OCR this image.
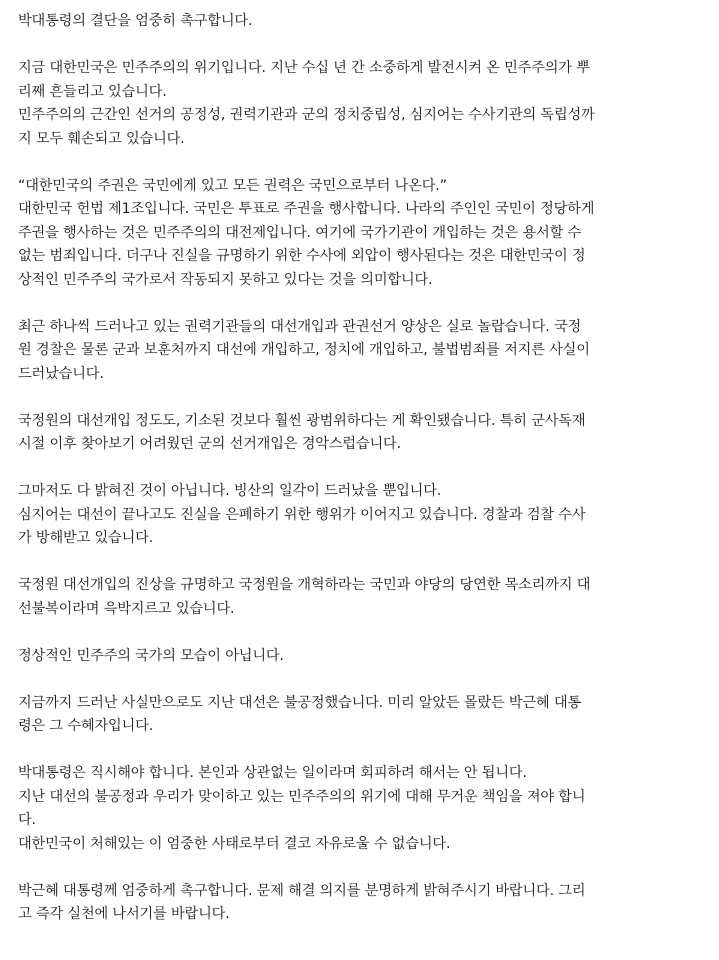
박대통령의 결단을 엄중히 촉구합니다.
지금 대한민국은 민주주의의 위기입니다. 지난 수십 년 간 소중하게 발전시켜 온 민주주의가 뿌
리째 흔들리고 있습니다.
민주주의의 근간인 선거의 공정성, 권력기관과 군의 정치중립성, 심지어는 수사기관의 독립성까
지 모두 훼손되고 있습니다.
“대한민국의 주권은 국민에게 있고 모든 권력은 국민으로부터 나온다.”
대한민국 헌법 제1조입니다. 국민은 투표로 주권을 행사합니다. 나라의 주인인 국민이 정당하게
주권을 행사하는 것은 민주주의의 대전제입니다. 여기에 국가기관이 개입하는 것은 용서할 수
없는 범죄입니다. 더구나 진실을 규명하기 위한 수사에 외압이 행사된다는 것은 대한민국이 정
상적인 민주주의 국가로서 작동되지 못하고 있다는 것을 의미합니다.
최근 하나씩 드러나고 있는 권력기관들의 대선개입과 관권선거 양상은 실로 놀랍습니다. 국정
원 경찰은 물론 군과 보훈처까지 대선에 개입하고, 정치에 개입하고, 불법범죄를 저지른 사실이
드러났습니다.
국정원의 대선개입 정도도, 기소된 것보다 훨씬 광범위하다는 게 확인됐습니다. 특히 군사독재
시절 이후 찾아보기 어려웠던 군의 선거개입은 경악스럽습니다.
그마저도 다 밝혀진 것이 아닙니다. 빙산의 일각이 드러났을 뿐입니다.
심지어는 대선이 끝나고도 진실을 은폐하기 위한 행위가 이어지고 있습니다. 경찰과 검찰 수사
가 방해받고 있습니다.
국정원 대선개입의 진상을 규명하고 국정원을 개혁하라는 국민과 야당의 당연한 목소리까지 대
선불복이라며 윽박지르고 있습니다.
정상적인 민주주의 국가의 모습이 아닙니다.
지금까지 드러난 사실만으로도 지난 대선은 불공정했습니다. 미리 알았든 몰랐든 박근혜 대통
령은 그 수혜자입니다.
박대통령은 직시해야 합니다. 본인과 상관없는 일이라며 회피하려 해서는 안 됩니다.
지난 대선의 불공정과 우리가 맞이하고 있는 민주주의의 위기에 대해 무거운 책임을 져야 합니
다.
대한민국이 처해있는 이 엄중한 사태로부터 결코 자유로울 수 없습니다.
박근혜 대통령께 엄중하게 촉구합니다. 문제 해결 의지를 분명하게 밝혀주시기 바랍니다. 그리
고 즉각 실천에 나서기를 바랍니다.
